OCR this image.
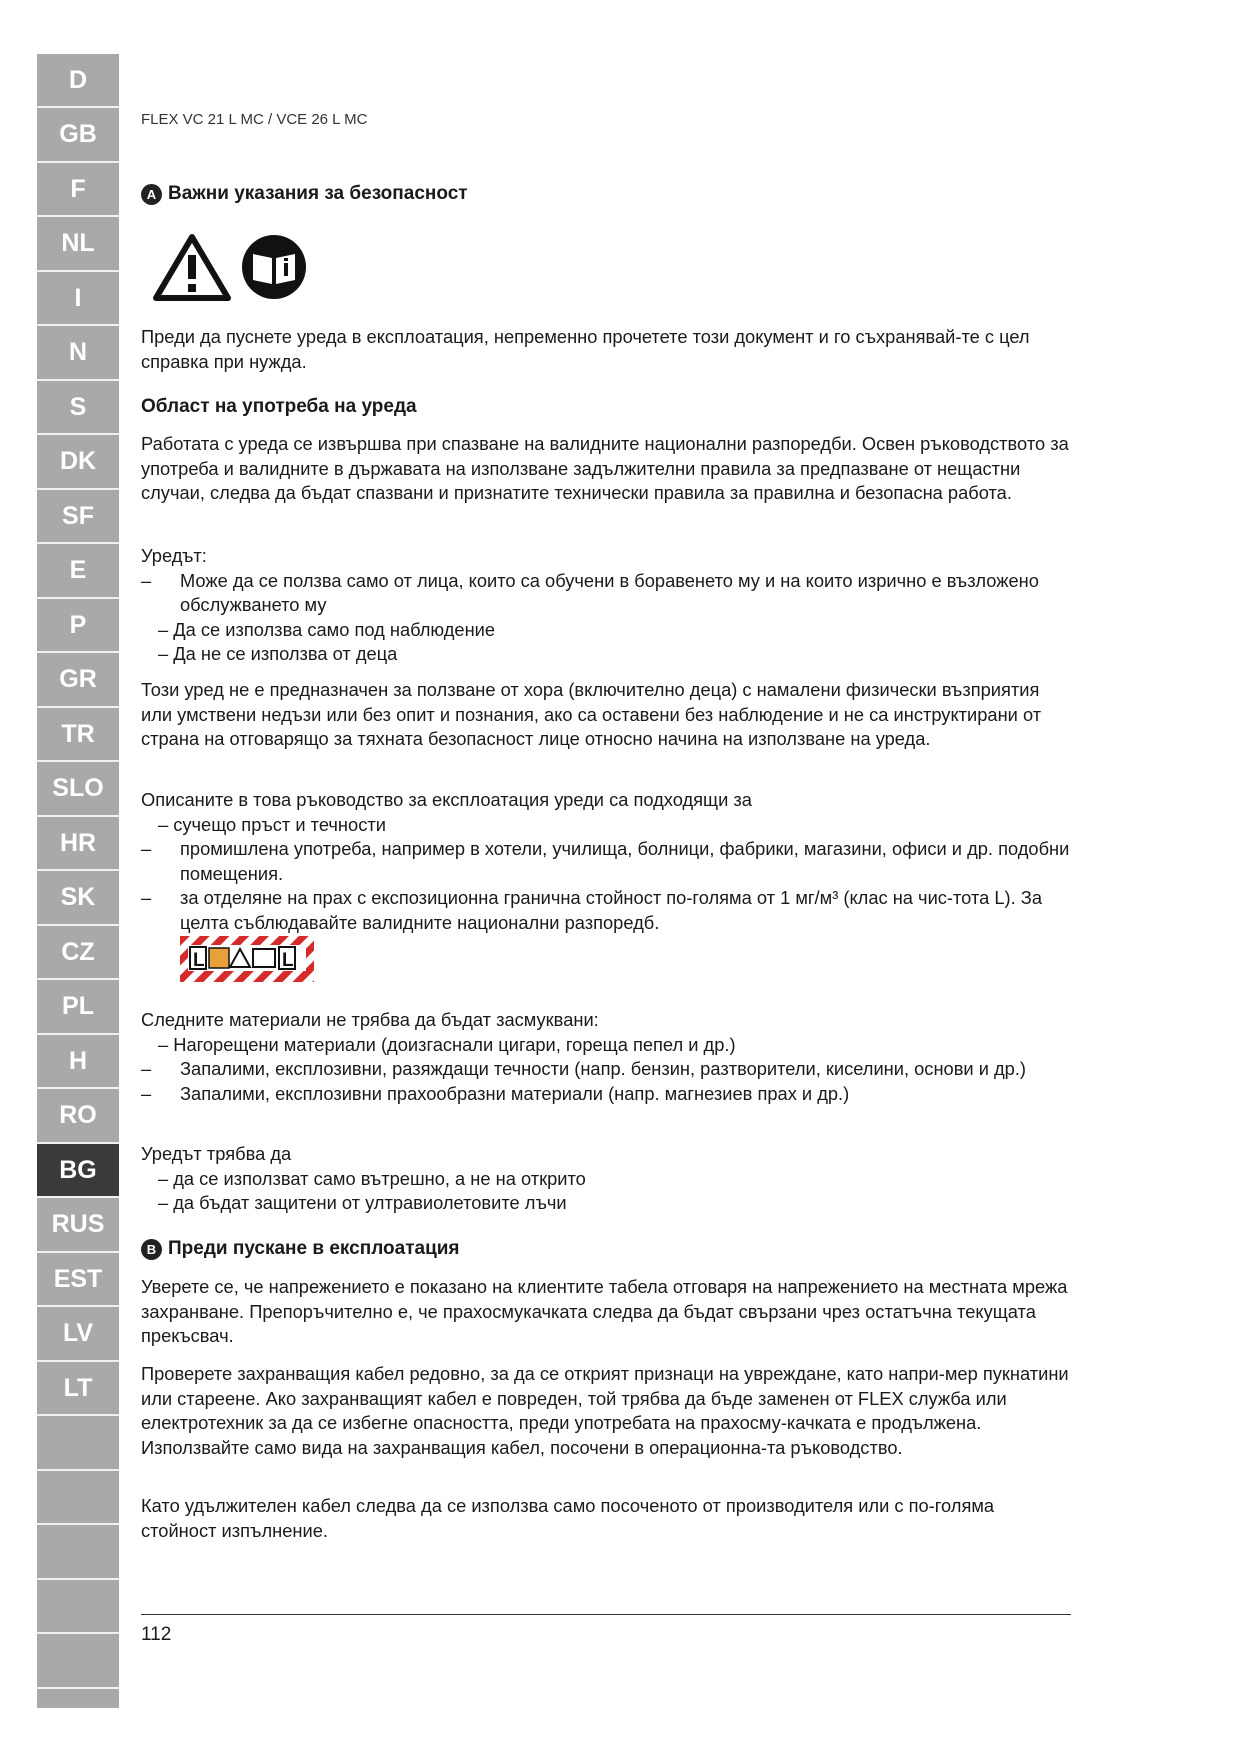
D
GB
F
NL
I
N
S
DK
SF
E
P
GR
TR
SLO
HR
SK
CZ
PL
H
RO
BG
RUS
EST
LV
LT
FLEX VC 21 L MC / VCE 26 L MC
A Важни указания за безопасност

Преди да пуснете уреда в експлоатация, непременно прочетете този документ и го съхранявай-те с цел справка при нужда.

Област на употреба на уреда

Работата с уреда се извършва при спазване на валидните национални разпоредби. Освен ръководството за употреба и валидните в държавата на използване задължителни правила за предпазване от нещастни случаи, следва да бъдат спазвани и признатите технически правила за правилна и безопасна работа.

Уредът:
–	Може да се ползва само от лица, които са обучени в боравенето му и на които изрично е възложено обслужването му
– Да се използва само под наблюдение
– Да не се използва от деца

Този уред не е предназначен за ползване от хора (включително деца) с намалени физически възприятия или умствени недъзи или без опит и познания, ако са оставени без наблюдение и не са инструктирани от страна на отговарящо за тяхната безопасност лице относно начина на използване на уреда.

Описаните в това ръководство за експлоатация уреди са подходящи за
– сучещо пръст и течности
–	промишлена употреба, например в хотели, училища, болници, фабрики, магазини, офиси и др. подобни помещения.
–	за отделяне на прах с експозиционна гранична стойност по-голяма от 1 мг/м³ (клас на чис-тота L). За целта съблюдавайте валидните национални разпоредб.
L	L
Следните материали не трябва да бъдат засмуквани:
– Нагорещени материали (доизгаснали цигари, гореща пепел и др.)
–	Запалими, експлозивни, разяждащи течности (напр. бензин, разтворители, киселини, основи и др.)
–	Запалими, експлозивни прахообразни материали (напр. магнезиев прах и др.)
Уредът трябва да
– да се използват само вътрешно, а не на открито
– да бъдат защитени от ултравиолетовите лъчи
B Преди пускане в експлоатация

Уверете се, че напрежението е показано на клиентите табела отговаря на напрежението на местната мрежа захранване. Препоръчително е, че прахосмукачката следва да бъдат свързани чрез остатъчна текущата прекъсвач.

Проверете захранващия кабел редовно, за да се открият признаци на увреждане, като напри-мер пукнатини или стареене. Ако захранващият кабел е повреден, той трябва да бъде заменен от FLEX служба или електротехник за да се избегне опасността, преди употребата на прахосму-качката е продължена. Използвайте само вида на захранващия кабел, посочени в операционна-та ръководство.

Като удължителен кабел следва да се използва само посоченото от производителя или с по-голяма стойност изпълнение.

112
